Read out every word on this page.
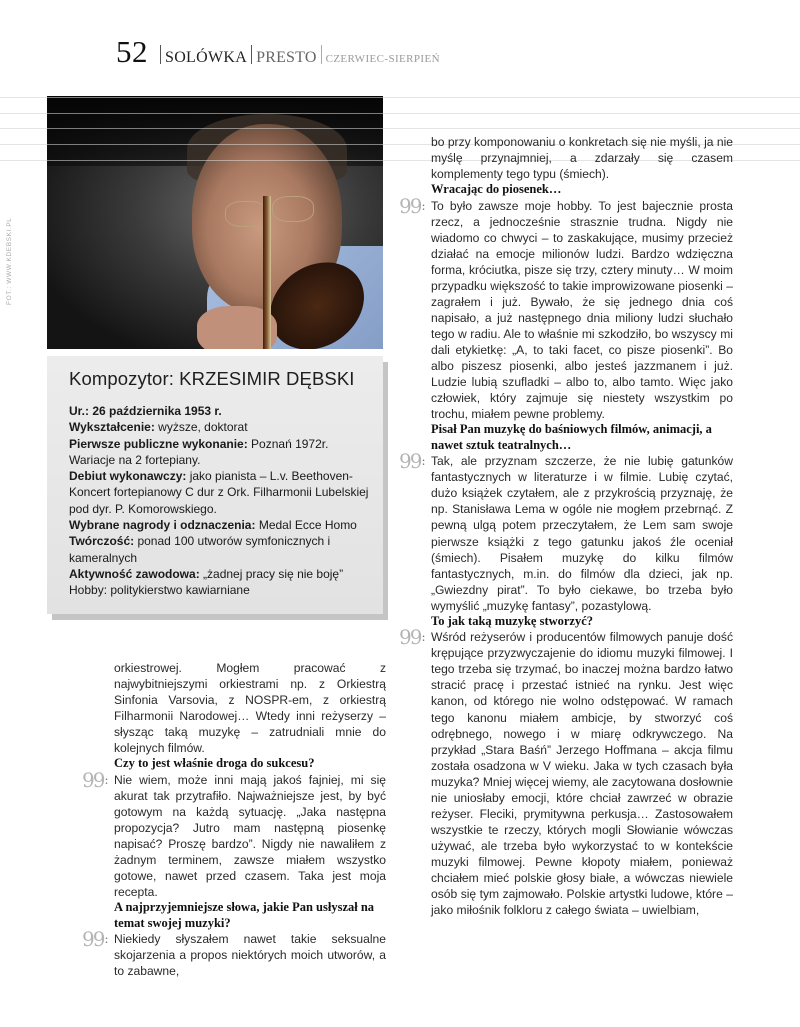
52 SOLÓWKA PRESTO CZERWIEC-SIERPIEŃ
FOT.: WWW.KDEBSKI.PL
Kompozytor: KRZESIMIR DĘBSKI
Ur.: 26 października 1953 r.
Wykształcenie: wyższe, doktorat
Pierwsze publiczne wykonanie: Poznań 1972r. Wariacje na 2 fortepiany.
Debiut wykonawczy: jako pianista – L.v. Beethoven- Koncert fortepianowy C dur z Ork. Filharmonii Lubelskiej pod dyr. P. Komorowskiego.
Wybrane nagrody i odznaczenia: Medal Ecce Homo
Twórczość: ponad 100 utworów symfonicznych i kameralnych
Aktywność zawodowa: „żadnej pracy się nie boję”
Hobby: politykierstwo kawiarniane

orkiestrowej. Mogłem pracować z najwybitniejszymi orkiestrami np. z Orkiestrą Sinfonia Varsovia, z NOSPR-em, z orkiestrą Filharmonii Narodowej… Wtedy inni reżyserzy – słysząc taką muzykę – zatrudniali mnie do kolejnych filmów.

Czy to jest właśnie droga do sukcesu?

99: Nie wiem, może inni mają jakoś fajniej, mi się akurat tak przytrafiło. Najważniejsze jest, by być gotowym na każdą sytuację. „Jaka następna propozycja? Jutro mam następną piosenkę napisać? Proszę bardzo”. Nigdy nie nawaliłem z żadnym terminem, zawsze miałem wszystko gotowe, nawet przed czasem. Taka jest moja recepta.

A najprzyjemniejsze słowa, jakie Pan usłyszał na temat swojej muzyki?

99: Niekiedy słyszałem nawet takie seksualne skojarzenia a propos niektórych moich utworów, a to zabawne,

bo przy komponowaniu o konkretach się nie myśli, ja nie myślę przynajmniej, a zdarzały się czasem komplementy tego typu (śmiech).

Wracając do piosenek…

99: To było zawsze moje hobby. To jest bajecznie prosta rzecz, a jednocześnie strasznie trudna. Nigdy nie wiadomo co chwyci – to zaskakujące, musimy przecież działać na emocje milionów ludzi. Bardzo wdzięczna forma, króciutka, pisze się trzy, cztery minuty… W moim przypadku większość to takie improwizowane piosenki – zagrałem i już. Bywało, że się jednego dnia coś napisało, a już następnego dnia miliony ludzi słuchało tego w radiu. Ale to właśnie mi szkodziło, bo wszyscy mi dali etykietkę: „A, to taki facet, co pisze piosenki”. Bo albo piszesz piosenki, albo jesteś jazzmanem i już. Ludzie lubią szufladki – albo to, albo tamto. Więc jako człowiek, który zajmuje się niestety wszystkim po trochu, miałem pewne problemy.

Pisał Pan muzykę do baśniowych filmów, animacji, a nawet sztuk teatralnych…

99: Tak, ale przyznam szczerze, że nie lubię gatunków fantastycznych w literaturze i w filmie. Lubię czytać, dużo książek czytałem, ale z przykrością przyznaję, że np. Stanisława Lema w ogóle nie mogłem przebrnąć. Z pewną ulgą potem przeczytałem, że Lem sam swoje pierwsze książki z tego gatunku jakoś źle oceniał (śmiech). Pisałem muzykę do kilku filmów fantastycznych, m.in. do filmów dla dzieci, jak np. „Gwiezdny pirat”. To było ciekawe, bo trzeba było wymyślić „muzykę fantasy”, pozastylową.

To jak taką muzykę stworzyć?

99: Wśród reżyserów i producentów filmowych panuje dość krępujące przyzwyczajenie do idiomu muzyki filmowej. I tego trzeba się trzymać, bo inaczej można bardzo łatwo stracić pracę i przestać istnieć na rynku. Jest więc kanon, od którego nie wolno odstępować. W ramach tego kanonu miałem ambicje, by stworzyć coś odrębnego, nowego i w miarę odkrywczego. Na przykład „Stara Baśń” Jerzego Hoffmana – akcja filmu została osadzona w V wieku. Jaka w tych czasach była muzyka? Mniej więcej wiemy, ale zacytowana dosłownie nie uniosłaby emocji, które chciał zawrzeć w obrazie reżyser. Fleciki, prymitywna perkusja… Zastosowałem wszystkie te rzeczy, których mogli Słowianie wówczas używać, ale trzeba było wykorzystać to w kontekście muzyki filmowej. Pewne kłopoty miałem, ponieważ chciałem mieć polskie głosy białe, a wówczas niewiele osób się tym zajmowało. Polskie artystki ludowe, które – jako miłośnik folkloru z całego świata – uwielbiam,
